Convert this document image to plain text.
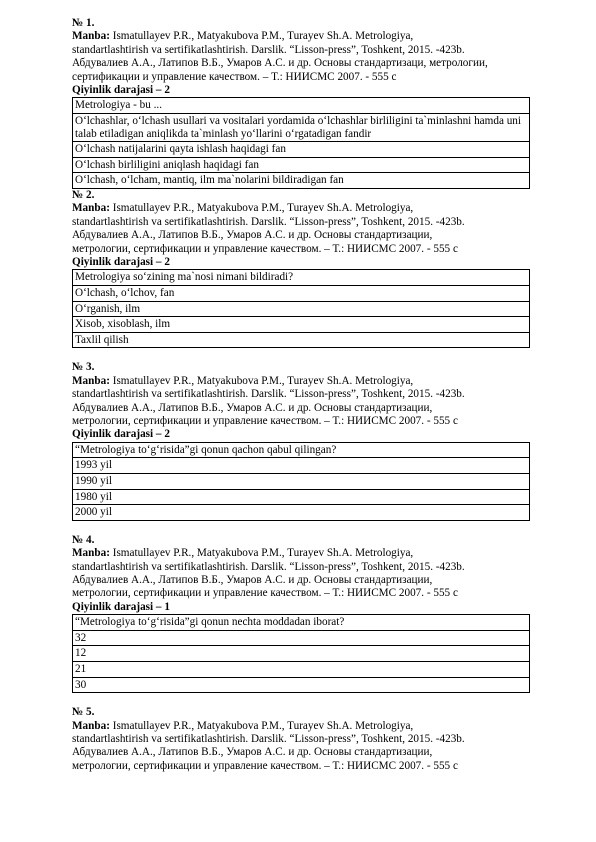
№ 1.
Manba: Ismatullayev P.R., Matyakubova P.M., Turayev Sh.A. Metrologiya,
standartlashtirish va sertifikatlashtirish. Darslik. “Lisson-press”, Toshkent, 2015. -423b.
Абдувалиев А.А., Латипов В.Б., Умаров А.С. и др. Основы стандартизаци, метрологии,
сертификации и управление качеством. – Т.: НИИСМС 2007. - 555 с
Qiyinlik darajasi – 2
Metrologiya - bu ...
O‘lchashlar, o‘lchash usullari va vositalari yordamida o‘lchashlar birliligini ta`minlashni hamda uni talab etiladigan aniqlikda ta`minlash yo‘llarini o‘rgatadigan fandir
O‘lchash natijalarini qayta ishlash haqidagi fan
O‘lchash birliligini aniqlash haqidagi fan
O‘lchash, o‘lcham, mantiq, ilm ma`nolarini bildiradigan fan
№ 2.
Manba: Ismatullayev P.R., Matyakubova P.M., Turayev Sh.A. Metrologiya,
standartlashtirish va sertifikatlashtirish. Darslik. “Lisson-press”, Toshkent, 2015. -423b.
Абдувалиев А.А., Латипов В.Б., Умаров А.С. и др. Основы стандартизации,
метрологии, сертификации и управление качеством. – Т.: НИИСМС 2007. - 555 с
Qiyinlik darajasi – 2
Metrologiya so‘zining ma`nosi nimani bildiradi?
O‘lchash, o‘lchov, fan
O‘rganish, ilm
Xisob, xisoblash, ilm
Taxlil qilish
№ 3.
Manba: Ismatullayev P.R., Matyakubova P.M., Turayev Sh.A. Metrologiya,
standartlashtirish va sertifikatlashtirish. Darslik. “Lisson-press”, Toshkent, 2015. -423b.
Абдувалиев А.А., Латипов В.Б., Умаров А.С. и др. Основы стандартизации,
метрологии, сертификации и управление качеством. – Т.: НИИСМС 2007. - 555 с
Qiyinlik darajasi – 2
“Metrologiya to‘g‘risida”gi qonun qachon qabul qilingan?
1993 yil
1990 yil
1980 yil
2000 yil
№ 4.
Manba: Ismatullayev P.R., Matyakubova P.M., Turayev Sh.A. Metrologiya,
standartlashtirish va sertifikatlashtirish. Darslik. “Lisson-press”, Toshkent, 2015. -423b.
Абдувалиев А.А., Латипов В.Б., Умаров А.С. и др. Основы стандартизации,
метрологии, сертификации и управление качеством. – Т.: НИИСМС 2007. - 555 с
Qiyinlik darajasi – 1
“Metrologiya to‘g‘risida”gi qonun nechta moddadan iborat?
32
12
21
30
№ 5.
Manba: Ismatullayev P.R., Matyakubova P.M., Turayev Sh.A. Metrologiya,
standartlashtirish va sertifikatlashtirish. Darslik. “Lisson-press”, Toshkent, 2015. -423b.
Абдувалиев А.А., Латипов В.Б., Умаров А.С. и др. Основы стандартизации,
метрологии, сертификации и управление качеством. – Т.: НИИСМС 2007. - 555 с
